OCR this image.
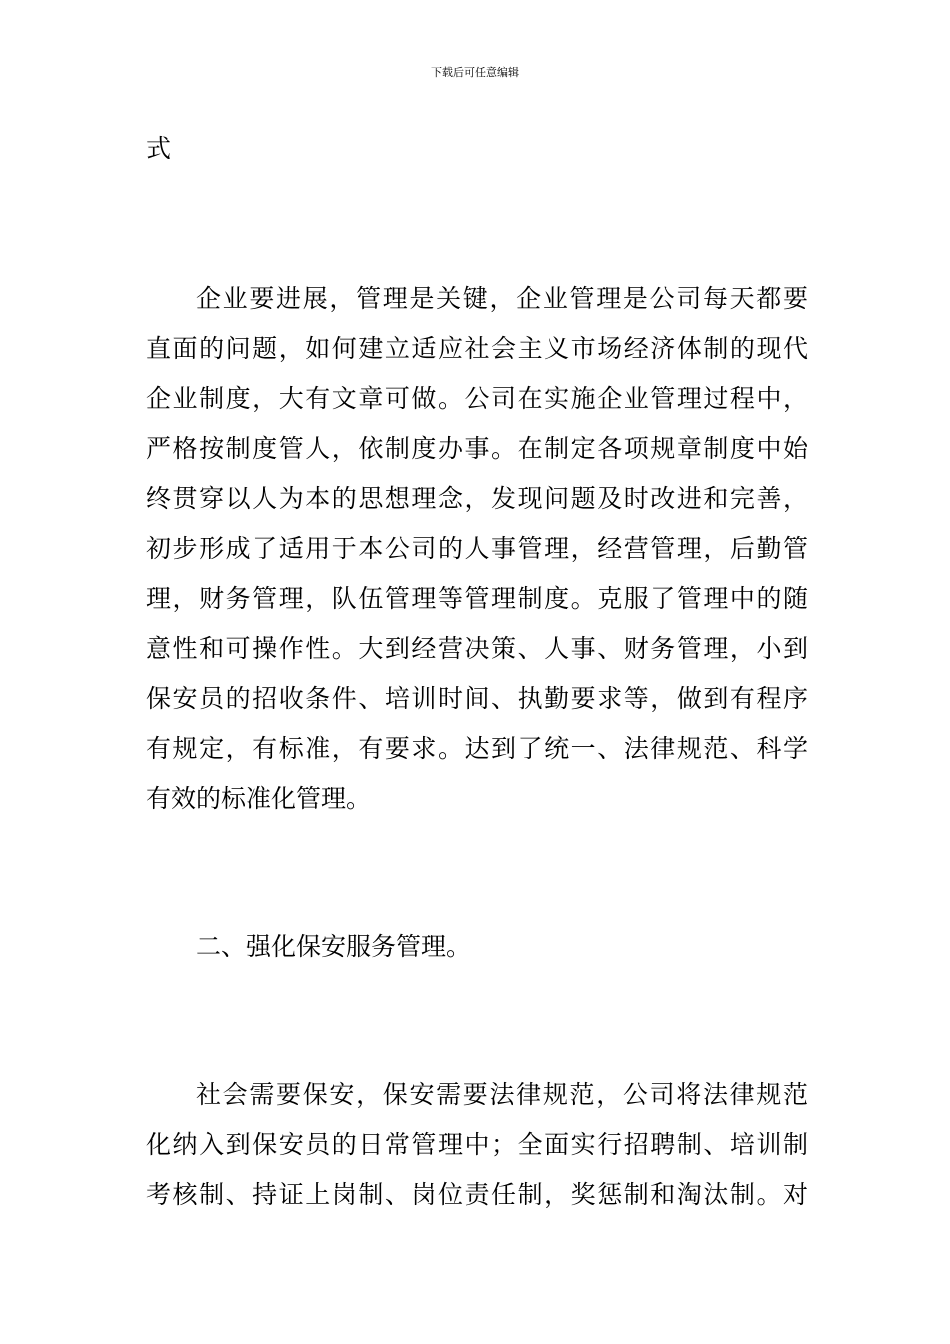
下载后可任意编辑
式
企业要进展，管理是关键，企业管理是公司每天都要
直面的问题，如何建立适应社会主义市场经济体制的现代
企业制度，大有文章可做。公司在实施企业管理过程中，
严格按制度管人，依制度办事。在制定各项规章制度中始
终贯穿以人为本的思想理念，发现问题及时改进和完善，
初步形成了适用于本公司的人事管理，经营管理，后勤管
理，财务管理，队伍管理等管理制度。克服了管理中的随
意性和可操作性。大到经营决策、人事、财务管理，小到
保安员的招收条件、培训时间、执勤要求等，做到有程序
有规定，有标准，有要求。达到了统一、法律规范、科学
有效的标准化管理。
二、强化保安服务管理。
社会需要保安，保安需要法律规范，公司将法律规范
化纳入到保安员的日常管理中；全面实行招聘制、培训制
考核制、持证上岗制、岗位责任制，奖惩制和淘汰制。对
